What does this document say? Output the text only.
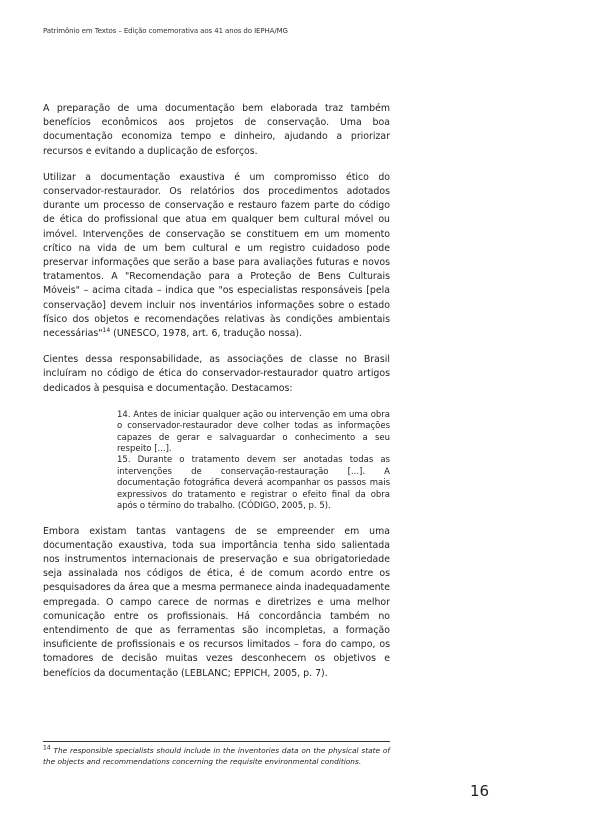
Patrimônio em Textos – Edição comemorativa aos 41 anos do IEPHA/MG

A preparação de uma documentação bem elaborada traz também benefícios econômicos aos projetos de conservação. Uma boa documentação economiza tempo e dinheiro, ajudando a priorizar recursos e evitando a duplicação de esforços.

Utilizar a documentação exaustiva é um compromisso ético do conservador-restaurador. Os relatórios dos procedimentos adotados durante um processo de conservação e restauro fazem parte do código de ética do profissional que atua em qualquer bem cultural móvel ou imóvel. Intervenções de conservação se constituem em um momento crítico na vida de um bem cultural e um registro cuidadoso pode preservar informações que serão a base para avaliações futuras e novos tratamentos. A "Recomendação para a Proteção de Bens Culturais Móveis" – acima citada – indica que "os especialistas responsáveis [pela conservação] devem incluir nos inventários informações sobre o estado físico dos objetos e recomendações relativas às condições ambientais necessárias"$^{14}$ (UNESCO, 1978, art. 6, tradução nossa).

Cientes dessa responsabilidade, as associações de classe no Brasil incluíram no código de ética do conservador-restaurador quatro artigos dedicados à pesquisa e documentação. Destacamos:

14. Antes de iniciar qualquer ação ou intervenção em uma obra o conservador-restaurador deve colher todas as informações capazes de gerar e salvaguardar o conhecimento a seu respeito [...].

15. Durante o tratamento devem ser anotadas todas as intervenções de conservação-restauração [...]. A documentação fotográfica deverá acompanhar os passos mais expressivos do tratamento e registrar o efeito final da obra após o término do trabalho. (CÓDIGO, 2005, p. 5).

Embora existam tantas vantagens de se empreender em uma documentação exaustiva, toda sua importância tenha sido salientada nos instrumentos internacionais de preservação e sua obrigatoriedade seja assinalada nos códigos de ética, é de comum acordo entre os pesquisadores da área que a mesma permanece ainda inadequadamente empregada. O campo carece de normas e diretrizes e uma melhor comunicação entre os profissionais. Há concordância também no entendimento de que as ferramentas são incompletas, a formação insuficiente de profissionais e os recursos limitados – fora do campo, os tomadores de decisão muitas vezes desconhecem os objetivos e benefícios da documentação (LEBLANC; EPPICH, 2005, p. 7).

$^{14}$ The responsible specialists should include in the inventories data on the physical state of the objects and recommendations concerning the requisite environmental conditions.
16
